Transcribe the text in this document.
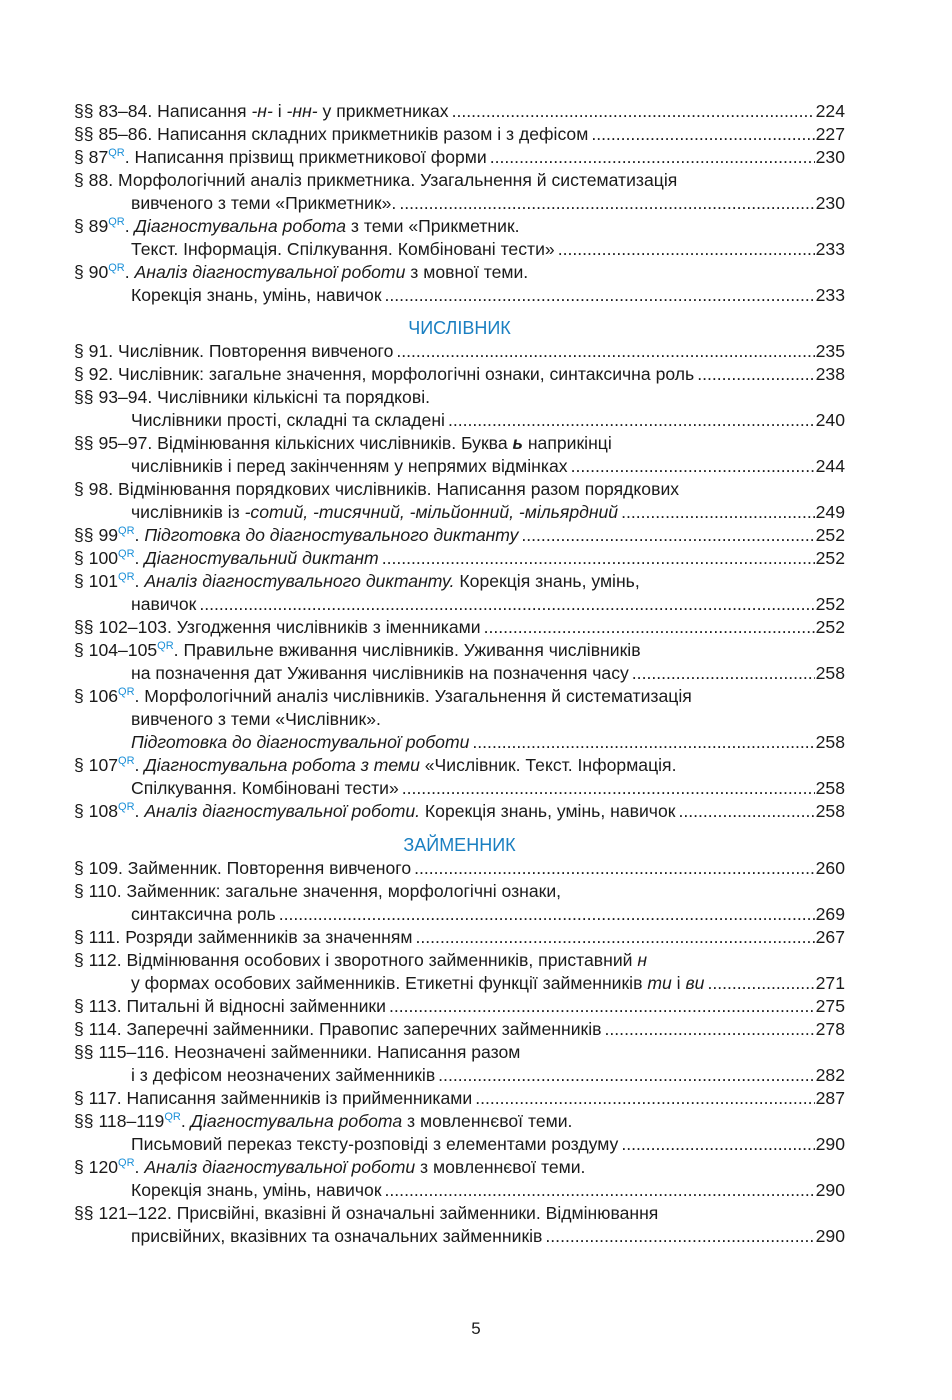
§§ 83–84. Написання -н- і -нн- у прикметниках .....	224
§§ 85–86. Написання складних прикметників разом і з дефісом .....	227
§ $87^{QR}$. Написання прізвищ прикметникової форми .....	230
§ 88. Морфологічний аналіз прикметника. Узагальнення й систематизація
вивченого з теми «Прикметник». .....	230
§ $89^{QR}$. Діагностувальна робота з теми «Прикметник.
Текст. Інформація. Спілкування. Комбіновані тести» .....	233
§ $90^{QR}$. Аналіз діагностувальної роботи з мовної теми.
Корекція знань, умінь, навичок .....	233
ЧИСЛІВНИК
§ 91. Числівник. Повторення вивченого .....	235
§ 92. Числівник: загальне значення, морфологічні ознаки, синтаксична роль .....	238
§§ 93–94. Числівники кількісні та порядкові.
Числівники прості, складні та складені .....	240
§§ 95–97. Відмінювання кількісних числівників. Буква ь наприкінці
числівників і перед закінченням у непрямих відмінках .....	244
§ 98. Відмінювання порядкових числівників. Написання разом порядкових
числівників із -сотий, -тисячний, -мільйонний, -мільярдний .....	249
§§ $99^{QR}$. Підготовка до діагностувального диктанту .....	252
§ $100^{QR}$. Діагностувальний диктант .....	252
§ $101^{QR}$. Аналіз діагностувального диктанту. Корекція знань, умінь,
навичок .....	252
§§ 102–103. Узгодження числівників з іменниками .....	252
§ $104-105^{QR}$. Правильне вживання числівників. Уживання числівників
на позначення дат Уживання числівників на позначення часу .....	258
§ $106^{QR}$. Морфологічний аналіз числівників. Узагальнення й систематизація
вивченого з теми «Числівник».
Підготовка до діагностувальної роботи .....	258
§ $107^{QR}$. Діагностувальна робота з теми «Числівник. Текст. Інформація.
Спілкування. Комбіновані тести» .....	258
§ $108^{QR}$. Аналіз діагностувальної роботи. Корекція знань, умінь, навичок .....	258
ЗАЙМЕННИК
§ 109. Займенник. Повторення вивченого .....	260
§ 110. Займенник: загальне значення, морфологічні ознаки,
синтаксична роль .....	269
§ 111. Розряди займенників за значенням .....	267
§ 112. Відмінювання особових і зворотного займенників, приставний н
у формах особових займенників. Етикетні функції займенників ти і ви .....	271
§ 113. Питальні й відносні займенники .....	275
§ 114. Заперечні займенники. Правопис заперечних займенників .....	278
§§ 115–116. Неозначені займенники. Написання разом
і з дефісом неозначених займенників .....	282
§ 117. Написання займенників із прийменниками .....	287
§§ $118-119^{QR}$. Діагностувальна робота з мовленнєвої теми.
Письмовий переказ тексту-розповіді з елементами роздуму .....	290
§ $120^{QR}$. Аналіз діагностувальної роботи з мовленнєвої теми.
Корекція знань, умінь, навичок .....	290
§§ 121–122. Присвійні, вказівні й означальні займенники. Відмінювання
присвійних, вказівних та означальних займенників .....	290
5
